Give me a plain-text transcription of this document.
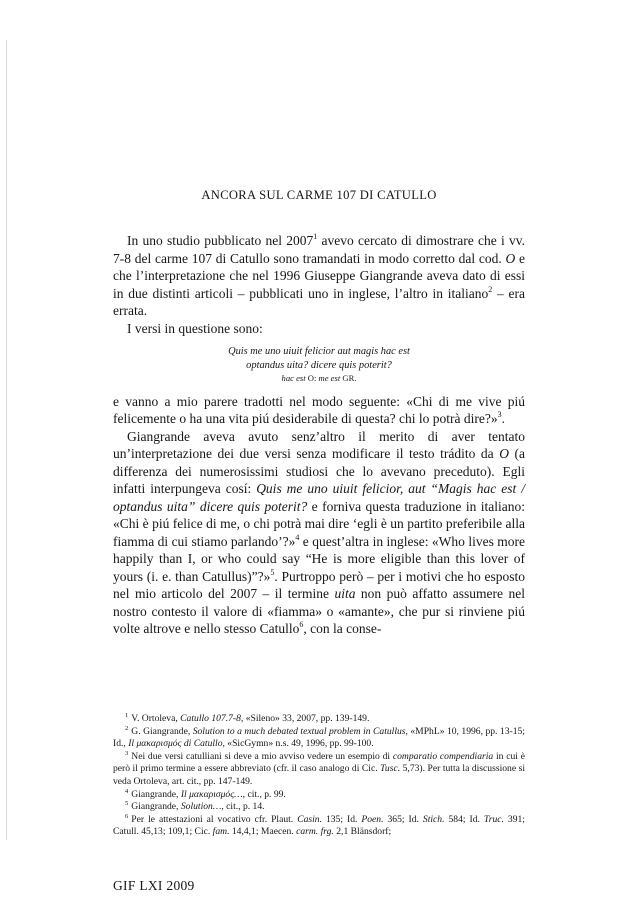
ANCORA SUL CARME 107 DI CATULLO

In uno studio pubblicato nel 2007$^1$ avevo cercato di dimostrare che i vv. 7-8 del carme 107 di Catullo sono tramandati in modo corretto dal cod. O e che l’interpretazione che nel 1996 Giuseppe Giangrande aveva dato di essi in due distinti articoli – pubblicati uno in inglese, l’altro in italiano$^2$ – era errata.

I versi in questione sono:

Quis me uno uiuit felicior aut magis hac est
optandus uita? dicere quis poterit?
hac est O: me est GR.

e vanno a mio parere tradotti nel modo seguente: «Chi di me vive piú felicemente o ha una vita piú desiderabile di questa? chi lo potrà dire?»$^3$.

Giangrande aveva avuto senz’altro il merito di aver tentato un’interpretazione dei due versi senza modificare il testo trádito da O (a differenza dei numerosissimi studiosi che lo avevano preceduto). Egli infatti interpungeva cosí: Quis me uno uiuit felicior, aut “Magis hac est / optandus uita” dicere quis poterit? e forniva questa traduzione in italiano: «Chi è piú felice di me, o chi potrà mai dire ‘egli è un partito preferibile alla fiamma di cui stiamo parlando’?»$^4$ e quest’altra in inglese: «Who lives more happily than I, or who could say “He is more eligible than this lover of yours (i. e. than Catullus)”?»$^5$. Purtroppo però – per i motivi che ho esposto nel mio articolo del 2007 – il termine uita non può affatto assumere nel nostro contesto il valore di «fiamma» o «amante», che pur si rinviene piú volte altrove e nello stesso Catullo$^6$, con la conse-

$^1$ V. Ortoleva, Catullo 107.7-8, «Sileno» 33, 2007, pp. 139-149.

$^2$ G. Giangrande, Solution to a much debated textual problem in Catullus, «MPhL» 10, 1996, pp. 13-15; Id., Il μακαρισμός di Catullo, «SicGymn» n.s. 49, 1996, pp. 99-100.

$^3$ Nei due versi catulliani si deve a mio avviso vedere un esempio di comparatio compendiaria in cui è però il primo termine a essere abbreviato (cfr. il caso analogo di Cic. Tusc. 5,73). Per tutta la discussione si veda Ortoleva, art. cit., pp. 147-149.

$^4$ Giangrande, Il μακαρισμός…, cit., p. 99.

$^5$ Giangrande, Solution…, cit., p. 14.

$^6$ Per le attestazioni al vocativo cfr. Plaut. Casin. 135; Id. Poen. 365; Id. Stich. 584; Id. Truc. 391; Catull. 45,13; 109,1; Cic. fam. 14,4,1; Maecen. carm. frg. 2,1 Blänsdorf;

GIF LXI 2009
